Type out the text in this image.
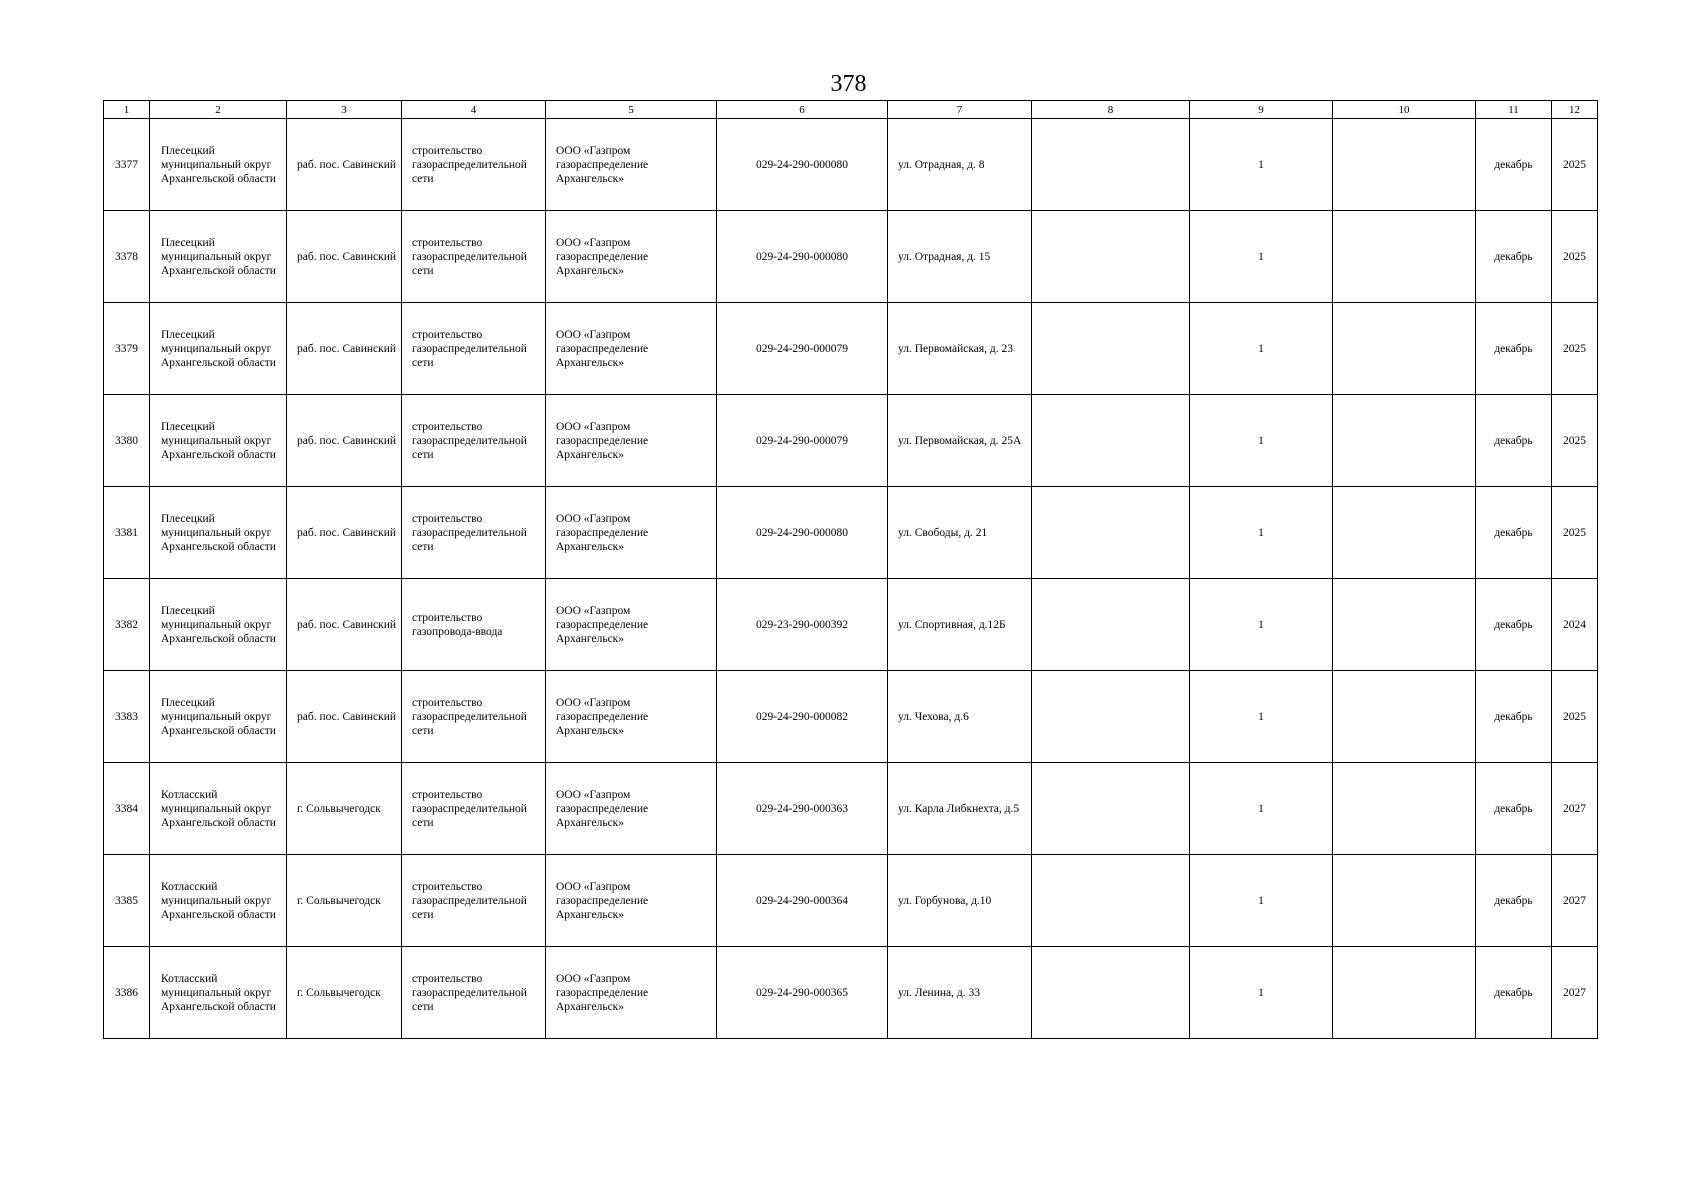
378
1	2	3	4	5	6	7	8	9	10	11	12
3377	Плесецкий муниципальный округ Архангельской области	раб. пос. Савинский	строительство газораспределительной сети	ООО «Газпром газораспределение Архангельск»	029-24-290-000080	ул. Отрадная, д. 8		1		декабрь	2025
3378	Плесецкий муниципальный округ Архангельской области	раб. пос. Савинский	строительство газораспределительной сети	ООО «Газпром газораспределение Архангельск»	029-24-290-000080	ул. Отрадная, д. 15		1		декабрь	2025
3379	Плесецкий муниципальный округ Архангельской области	раб. пос. Савинский	строительство газораспределительной сети	ООО «Газпром газораспределение Архангельск»	029-24-290-000079	ул. Первомайская, д. 23		1		декабрь	2025
3380	Плесецкий муниципальный округ Архангельской области	раб. пос. Савинский	строительство газораспределительной сети	ООО «Газпром газораспределение Архангельск»	029-24-290-000079	ул. Первомайская, д. 25А		1		декабрь	2025
3381	Плесецкий муниципальный округ Архангельской области	раб. пос. Савинский	строительство газораспределительной сети	ООО «Газпром газораспределение Архангельск»	029-24-290-000080	ул. Свободы, д. 21		1		декабрь	2025
3382	Плесецкий муниципальный округ Архангельской области	раб. пос. Савинский	строительство газопровода-ввода	ООО «Газпром газораспределение Архангельск»	029-23-290-000392	ул. Спортивная, д.12Б		1		декабрь	2024
3383	Плесецкий муниципальный округ Архангельской области	раб. пос. Савинский	строительство газораспределительной сети	ООО «Газпром газораспределение Архангельск»	029-24-290-000082	ул. Чехова, д.6		1		декабрь	2025
3384	Котласский муниципальный округ Архангельской области	г. Сольвычегодск	строительство газораспределительной сети	ООО «Газпром газораспределение Архангельск»	029-24-290-000363	ул. Карла Либкнехта, д.5		1		декабрь	2027
3385	Котласский муниципальный округ Архангельской области	г. Сольвычегодск	строительство газораспределительной сети	ООО «Газпром газораспределение Архангельск»	029-24-290-000364	ул. Горбунова, д.10		1		декабрь	2027
3386	Котласский муниципальный округ Архангельской области	г. Сольвычегодск	строительство газораспределительной сети	ООО «Газпром газораспределение Архангельск»	029-24-290-000365	ул. Ленина, д. 33		1		декабрь	2027
